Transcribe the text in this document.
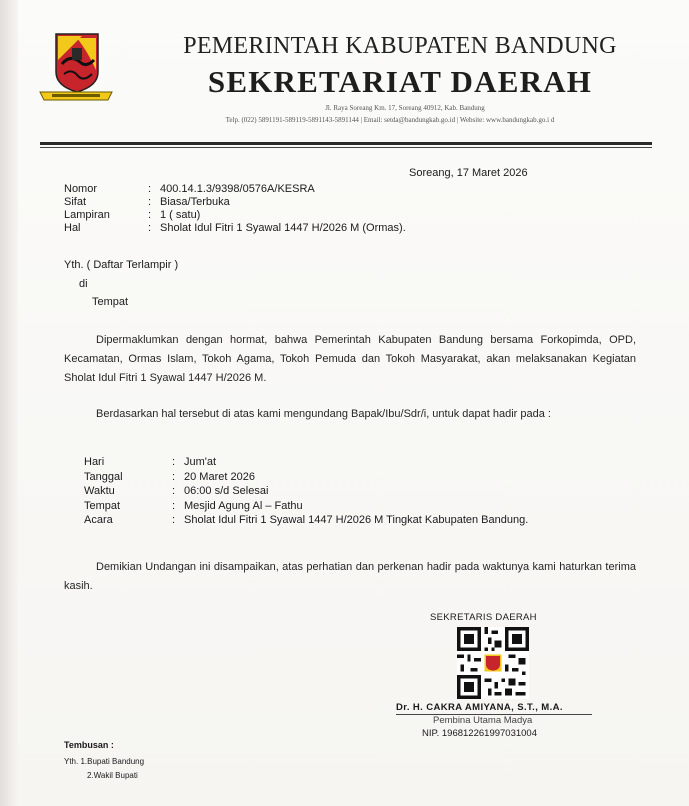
PEMERINTAH KABUPATEN BANDUNG
SEKRETARIAT DAERAH
Jl. Raya Soreang Km. 17, Soreang 40912, Kab. Bandung
Telp. (022) 5891191-589119-5891143-5891144 | Email: setda@bandungkab.go.id | Website: www.bandungkab.go.i d
Soreang, 17 Maret 2026
Nomor	: 400.14.1.3/9398/0576A/KESRA
Sifat	: Biasa/Terbuka
Lampiran	: 1 ( satu)
Hal	: Sholat Idul Fitri 1 Syawal 1447 H/2026 M (Ormas).
Yth. ( Daftar Terlampir )
di
Tempat
Dipermaklumkan dengan hormat, bahwa Pemerintah Kabupaten Bandung bersama Forkopimda, OPD, Kecamatan, Ormas Islam, Tokoh Agama, Tokoh Pemuda dan Tokoh Masyarakat, akan melaksanakan Kegiatan Sholat Idul Fitri 1 Syawal 1447 H/2026 M.
Berdasarkan hal tersebut di atas kami mengundang Bapak/Ibu/Sdr/i, untuk dapat hadir pada :
Hari	: Jum'at
Tanggal	: 20 Maret 2026
Waktu	: 06:00 s/d Selesai
Tempat	: Mesjid Agung Al – Fathu
Acara	: Sholat Idul Fitri 1 Syawal 1447 H/2026 M Tingkat Kabupaten Bandung.
Demikian Undangan ini disampaikan, atas perhatian dan perkenan hadir pada waktunya kami haturkan terima kasih.
SEKRETARIS DAERAH
Dr. H. CAKRA AMIYANA, S.T., M.A.
Pembina Utama Madya
NIP. 196812261997031004
Tembusan :
Yth. 1.Bupati Bandung
2.Wakil Bupati
